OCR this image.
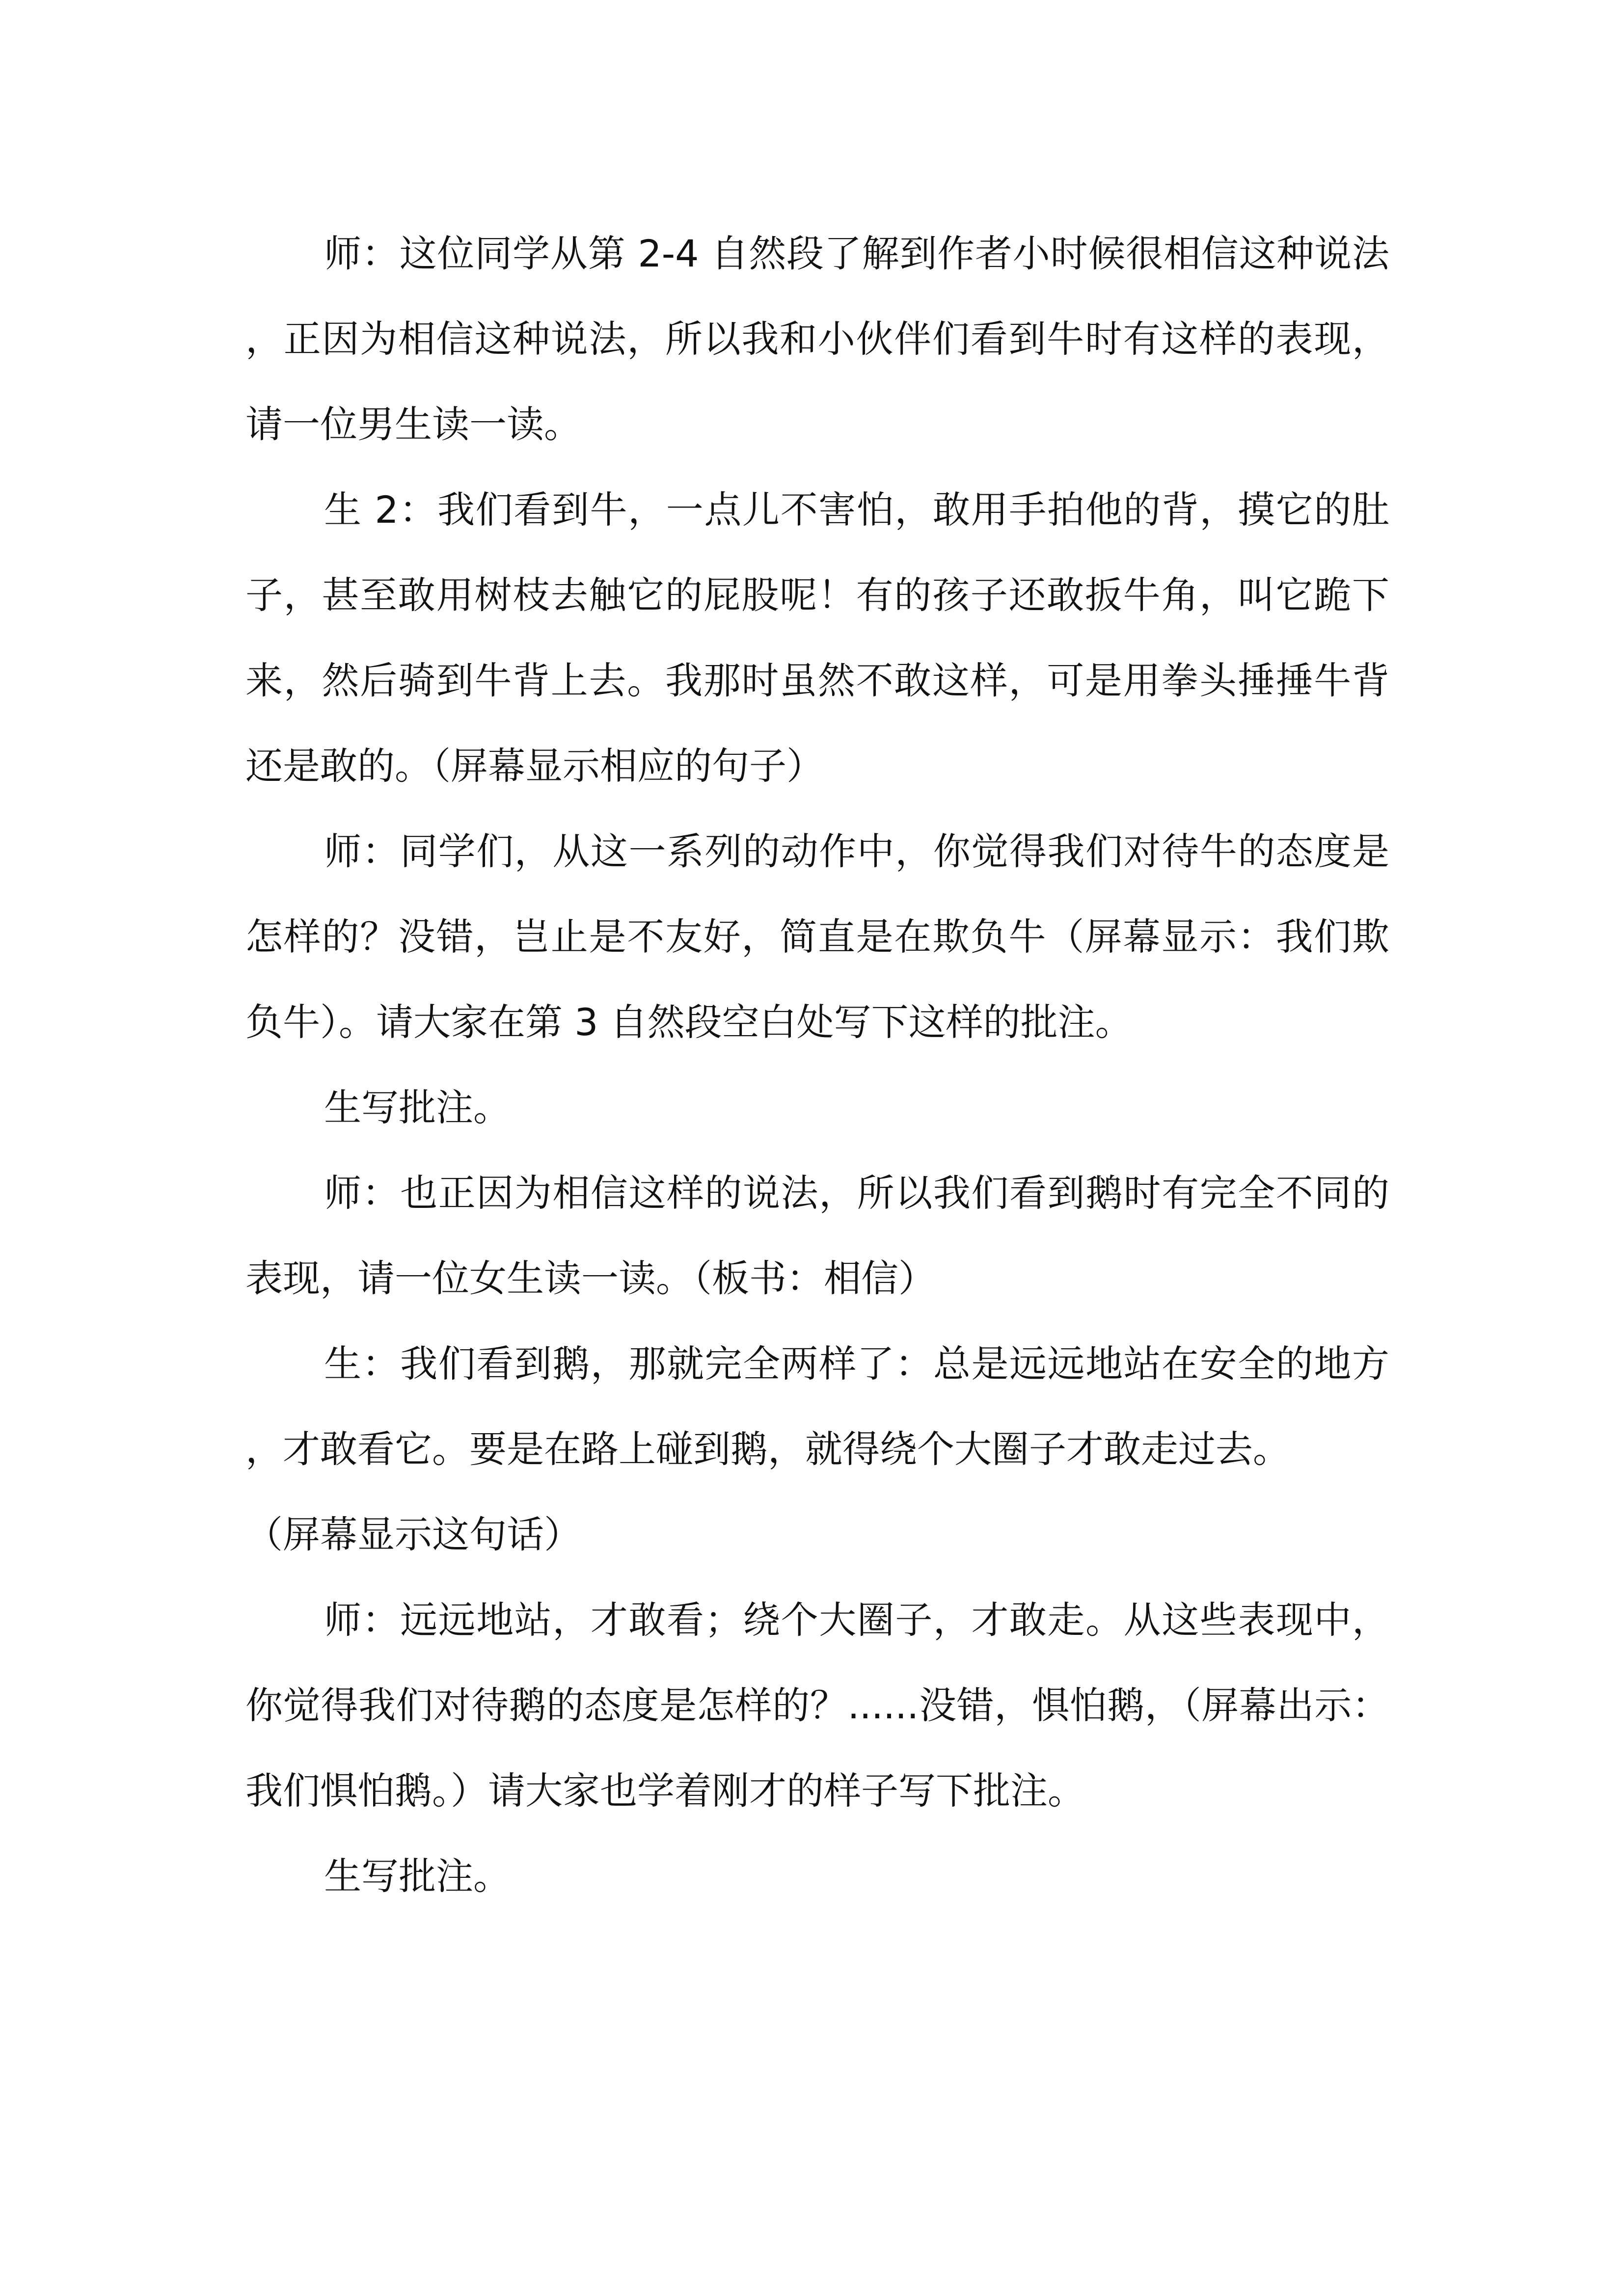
师：这位同学从第 2-4 自然段了解到作者小时候很相信这种说法，正因为相信这种说法，所以我和小伙伴们看到牛时有这样的表现，请一位男生读一读。

生 2：我们看到牛，一点儿不害怕，敢用手拍他的背，摸它的肚子，甚至敢用树枝去触它的屁股呢！有的孩子还敢扳牛角，叫它跪下来，然后骑到牛背上去。我那时虽然不敢这样，可是用拳头捶捶牛背还是敢的。（屏幕显示相应的句子）

师：同学们，从这一系列的动作中，你觉得我们对待牛的态度是怎样的？没错，岂止是不友好，简直是在欺负牛（屏幕显示：我们欺负牛）。请大家在第 3 自然段空白处写下这样的批注。

生写批注。

师：也正因为相信这样的说法，所以我们看到鹅时有完全不同的表现，请一位女生读一读。（板书：相信）

生：我们看到鹅，那就完全两样了：总是远远地站在安全的地方，才敢看它。要是在路上碰到鹅，就得绕个大圈子才敢走过去。

（屏幕显示这句话）

师：远远地站，才敢看；绕个大圈子，才敢走。从这些表现中，你觉得我们对待鹅的态度是怎样的？......没错，惧怕鹅，（屏幕出示：我们惧怕鹅。）请大家也学着刚才的样子写下批注。

生写批注。
